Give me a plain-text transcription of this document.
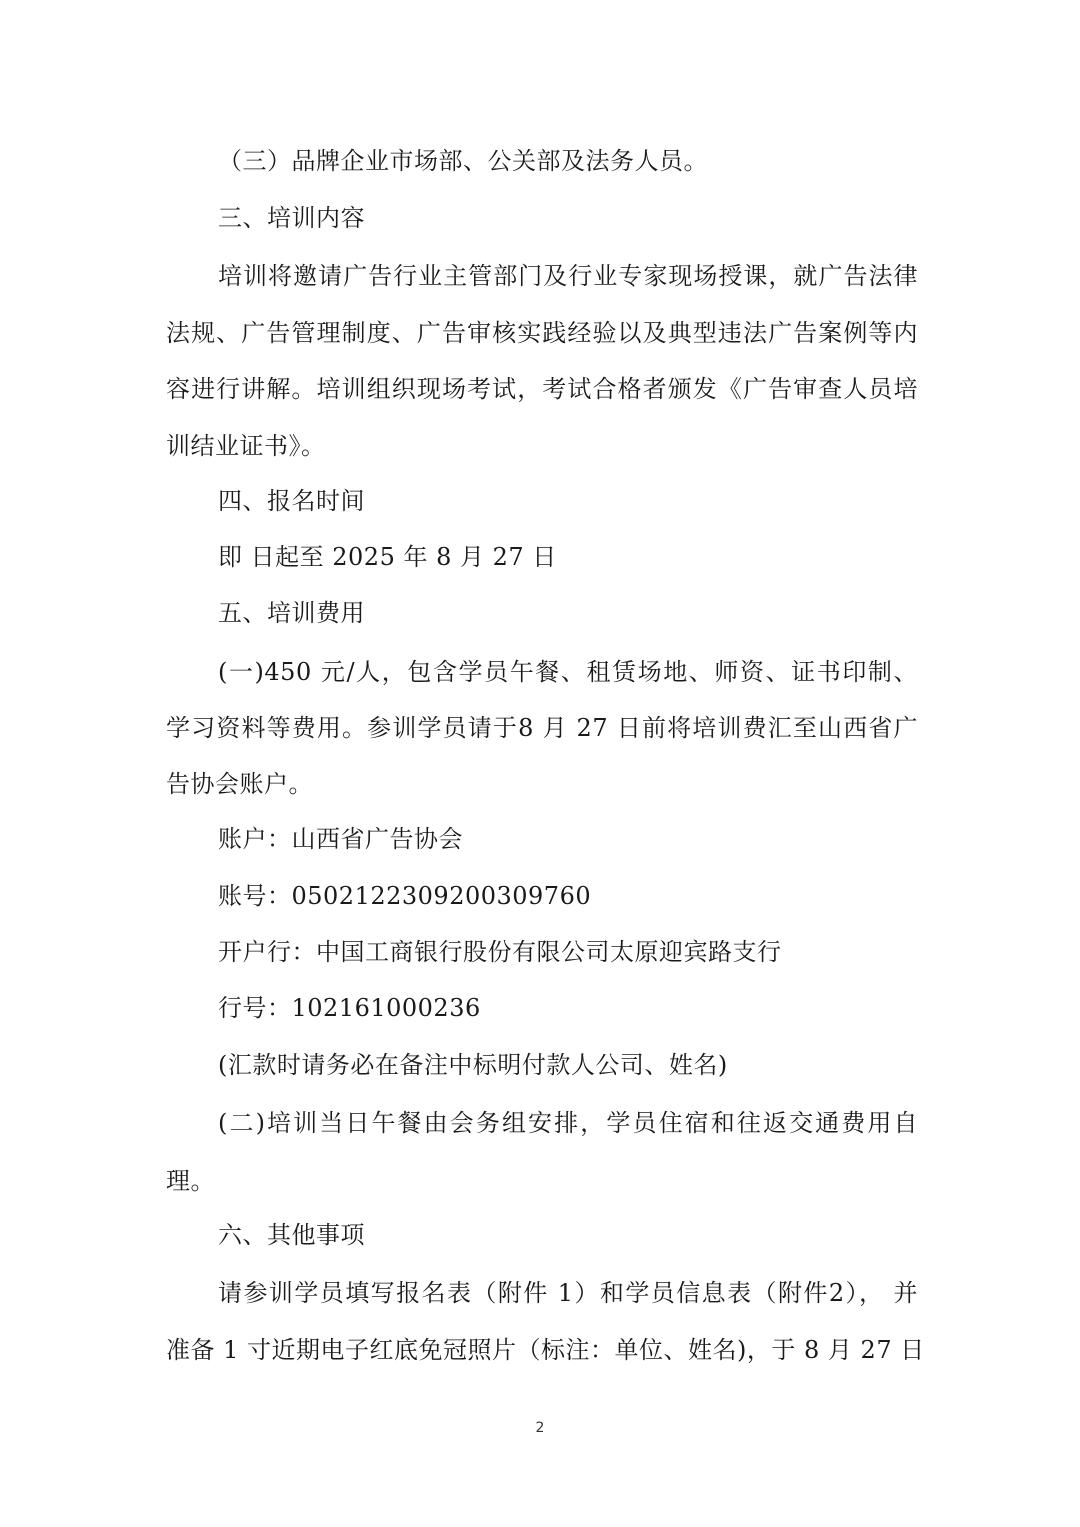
（三）品牌企业市场部、公关部及法务人员。
三、培训内容
培训将邀请广告行业主管部门及行业专家现场授课，就广告法律
法规、广告管理制度、广告审核实践经验以及典型违法广告案例等内
容进行讲解。培训组织现场考试，考试合格者颁发《广告审查人员培
训结业证书》。
四、报名时间
即 日起至 2025 年 8 月 27 日
五、培训费用
(一)450 元/人，包含学员午餐、租赁场地、师资、证书印制、
学习资料等费用。参训学员请于8 月 27 日前将培训费汇至山西省广
告协会账户。
账户：山西省广告协会
账号：0502122309200309760
开户行：中国工商银行股份有限公司太原迎宾路支行
行号：102161000236
(汇款时请务必在备注中标明付款人公司、姓名)
(二)培训当日午餐由会务组安排，学员住宿和往返交通费用自
理。
六、其他事项
请参训学员填写报名表（附件 1）和学员信息表（附件2）， 并
准备 1 寸近期电子红底免冠照片（标注：单位、姓名)，于 8 月 27 日
2
